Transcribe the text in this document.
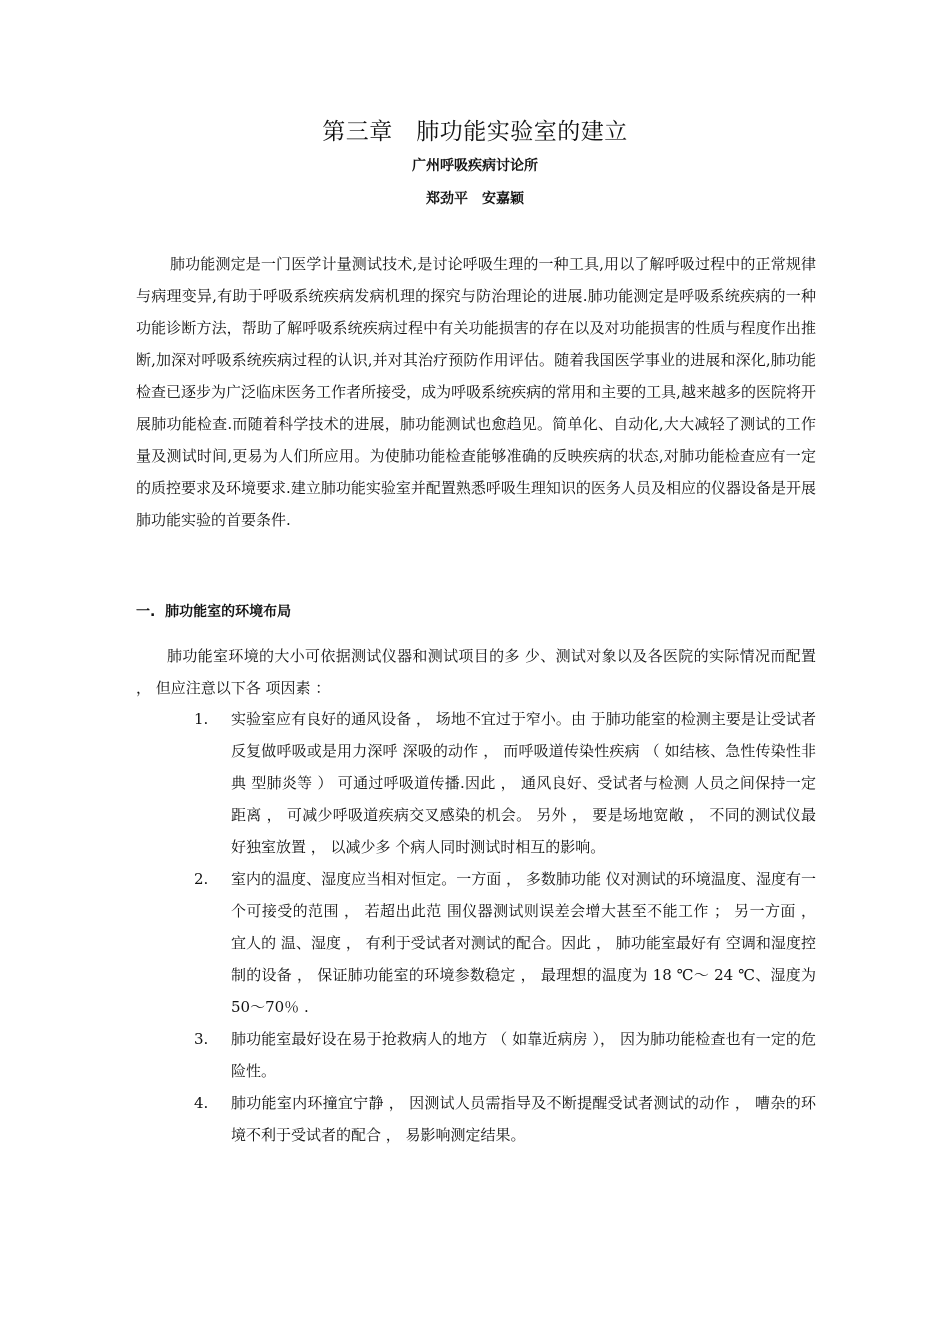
第三章　肺功能实验室的建立
广州呼吸疾病讨论所
郑劲平　安嘉颖

肺功能测定是一门医学计量测试技术,是讨论呼吸生理的一种工具,用以了解呼吸过程中的正常规律与病理变异,有助于呼吸系统疾病发病机理的探究与防治理论的进展.肺功能测定是呼吸系统疾病的一种功能诊断方法，帮助了解呼吸系统疾病过程中有关功能损害的存在以及对功能损害的性质与程度作出推断,加深对呼吸系统疾病过程的认识,并对其治疗预防作用评估。随着我国医学事业的进展和深化,肺功能检查已逐步为广泛临床医务工作者所接受，成为呼吸系统疾病的常用和主要的工具,越来越多的医院将开展肺功能检查.而随着科学技术的进展，肺功能测试也愈趋见。简单化、自动化,大大减轻了测试的工作量及测试时间,更易为人们所应用。为使肺功能检查能够准确的反映疾病的状态,对肺功能检查应有一定的质控要求及环境要求.建立肺功能实验室并配置熟悉呼吸生理知识的医务人员及相应的仪器设备是开展肺功能实验的首要条件.

一.  肺功能室的环境布局

肺功能室环境的大小可依据测试仪器和测试项目的多 少、测试对象以及各医院的实际情况而配置 ， 但应注意以下各 项因素 ：

1. 实验室应有良好的通风设备 ， 场地不宜过于窄小。由 于肺功能室的检测主要是让受试者反复做呼吸或是用力深呼 深吸的动作 ， 而呼吸道传染性疾病 （ 如结核、急性传染性非典 型肺炎等 ） 可通过呼吸道传播.因此 ， 通风良好、受试者与检测 人员之间保持一定距离 ， 可减少呼吸道疾病交叉感染的机会。 另外 ， 要是场地宽敞 ， 不同的测试仪最好独室放置 ， 以减少多 个病人同时测试时相互的影响。
2. 室内的温度、湿度应当相对恒定。一方面 ， 多数肺功能 仪对测试的环境温度、湿度有一个可接受的范围 ， 若超出此范 围仪器测试则误差会增大甚至不能工作 ； 另一方面 ， 宜人的 温、湿度 ， 有利于受试者对测试的配合。因此 ， 肺功能室最好有 空调和湿度控制的设备 ， 保证肺功能室的环境参数稳定 ， 最理想的温度为 18 ℃～ 24 ℃、湿度为 50～70％ .
3. 肺功能室最好设在易于抢救病人的地方 （ 如靠近病房 ）， 因为肺功能检查也有一定的危险性。
4. 肺功能室内环撞宜宁静 ， 因测试人员需指导及不断提醒受试者测试的动作 ， 嘈杂的环境不利于受试者的配合 ， 易影响测定结果。
